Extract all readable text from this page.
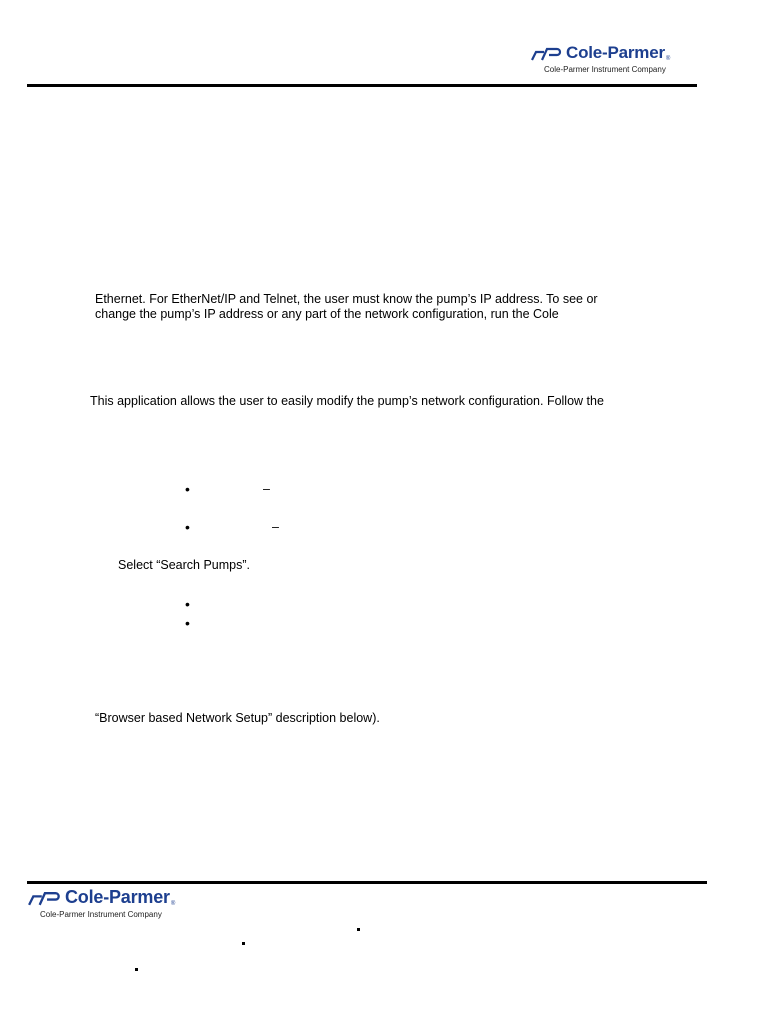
Cole-Parmer ®
Cole-Parmer Instrument Company
Ethernet. For EtherNet/IP and Telnet, the user must know the pump’s IP address. To see or
change the pump’s IP address or any part of the network configuration, run the Cole
This application allows the user to easily modify the pump’s network configuration. Follow the
•	–
•	–
Select “Search Pumps”.
•
•
“Browser based Network Setup” description below).
Cole-Parmer ®
Cole-Parmer Instrument Company
